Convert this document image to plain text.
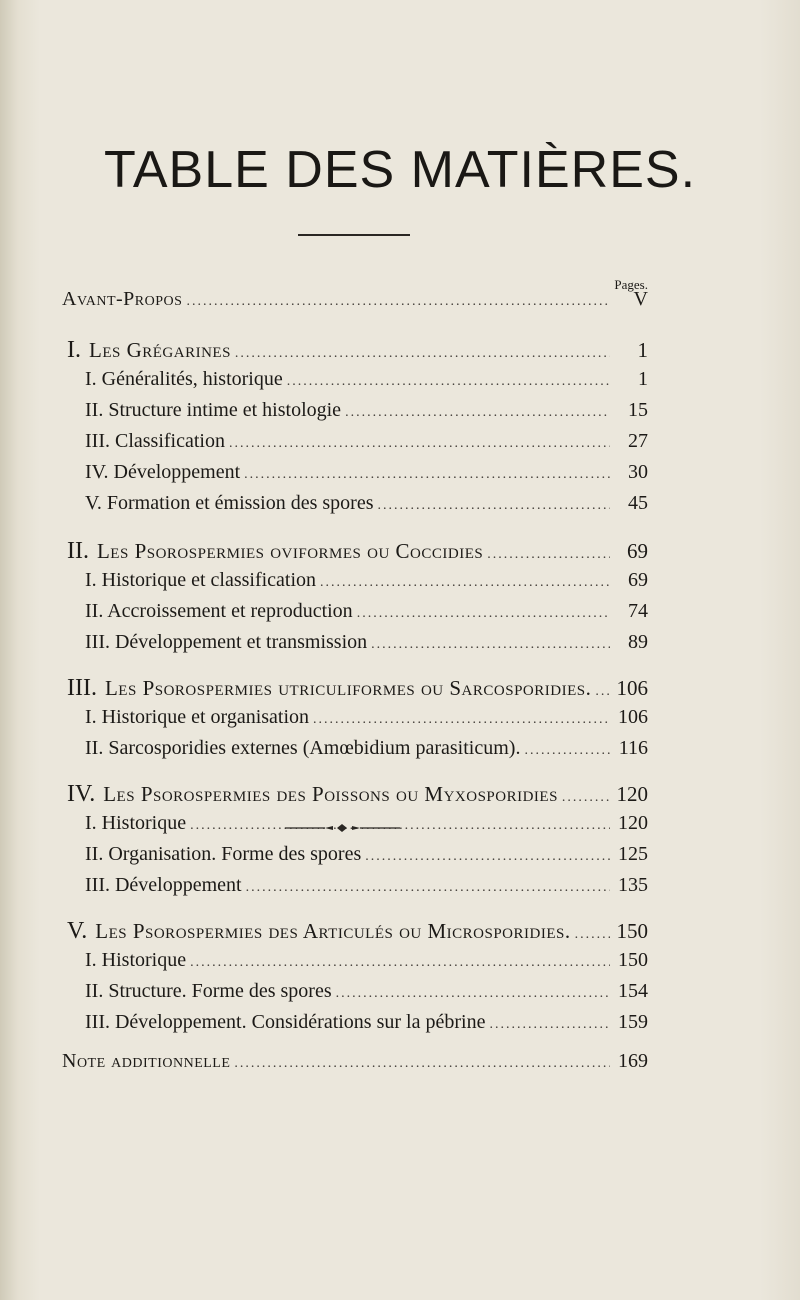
TABLE DES MATIÈRES.
Pages.
Avant-Propos .....	V
I. Les Grégarines .....	1
I. Généralités, historique .....	1
II. Structure intime et histologie .....	15
III. Classification .....	27
IV. Développement .....	30
V. Formation et émission des spores .....	45
II. Les Psorospermies oviformes ou Coccidies .....	69
I. Historique et classification .....	69
II. Accroissement et reproduction .....	74
III. Développement et transmission .....	89
III. Les Psorospermies utriculiformes ou Sarcosporidies. ..... 106
I. Historique et organisation .....	106
II. Sarcosporidies externes (Amœbidium parasiticum). .....	116
IV. Les Psorospermies des Poissons ou Myxosporidies .....	120
I. Historique .....	120
II. Organisation. Forme des spores .....	125
III. Développement .....	135
V. Les Psorospermies des Articulés ou Microsporidies. ..... 150
I. Historique .....	150
II. Structure. Forme des spores .....	154
III. Développement. Considérations sur la pébrine .....	159
Note additionnelle .....	169
